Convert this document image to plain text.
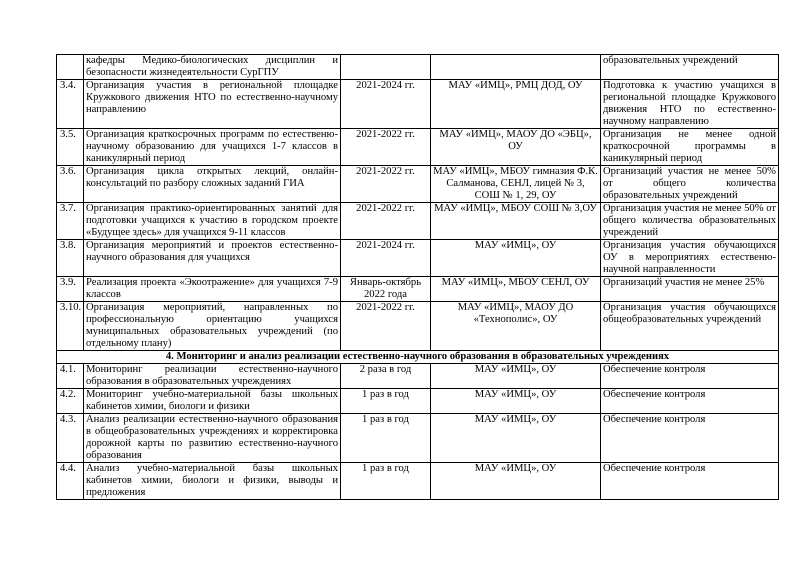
	кафедры Медико-биологических дисциплин и безопасности жизнедеятельности СурГПУ			образовательных учреждений
3.4.	Организация участия в региональной площадке Кружкового движения НТО по естественно-научному направлению	2021-2024 гг.	МАУ «ИМЦ», РМЦ ДОД, ОУ	Подготовка к участию учащихся в региональной площадке Кружкового движения НТО по естественно-научному направлению
3.5.	Организация краткосрочных программ по естественю-научному образованию для учащихся 1-7 классов в каникулярный период	2021-2022 гг.	МАУ «ИМЦ», МАОУ ДО «ЭБЦ», ОУ	Организация не менее одной краткосрочной программы в каникулярный период
3.6.	Организация цикла открытых лекций, онлайн-консультаций по разбору сложных заданий ГИА	2021-2022 гг.	МАУ «ИМЦ», МБОУ гимназия Ф.К. Салманова, СЕНЛ, лицей № 3, СОШ № 1, 29, ОУ	Организаций участия не менее 50% от общего количества образовательных учреждений
3.7.	Организация практико-ориентированных занятий для подготовки учащихся к участию в городском проекте «Будущее здесь» для учащихся 9-11 классов	2021-2022 гг.	МАУ «ИМЦ», МБОУ СОШ № 3,ОУ	Организация участия не менее 50% от общего количества образовательных учреждений
3.8.	Организация мероприятий и проектов естественно-научного образования для учащихся	2021-2024 гг.	МАУ «ИМЦ», ОУ	Организация участия обучающихся ОУ в мероприятиях естественю-научной направленности
3.9.	Реализация проекта «Экоотражение» для учащихся 7-9 классов	Январь-октябрь 2022 года	МАУ «ИМЦ», МБОУ СЕНЛ, ОУ	Организаций участия не менее 25%
3.10.	Организация мероприятий, направленных по профессиональную ориентацию учащихся муниципальных образовательных учреждений (по отдельному плану)	2021-2022 гг.	МАУ «ИМЦ», МАОУ ДО «Технополис», ОУ	Организация участия обучающихся общеобразовательных учреждений
4. Мониторинг и анализ реализации естественно-научного образования в образовательных учреждениях				
4.1.	Мониторинг реализации естественно-научного образования в образовательных учреждениях	2 раза в год	МАУ «ИМЦ», ОУ	Обеспечение контроля
4.2.	Мониторинг учебно-материальной базы школьных кабинетов химии, биологи и физики	1 раз в год	МАУ «ИМЦ», ОУ	Обеспечение контроля
4.3.	Анализ реализации естественно-научного образования в общеобразовательных учреждениях и корректировка дорожной карты по развитию естественно-научного образования	1 раз в год	МАУ «ИМЦ», ОУ	Обеспечение контроля
4.4.	Анализ учебно-материальной базы школьных кабинетов химии, биологи и физики, выводы и предложения	1 раз в год	МАУ «ИМЦ», ОУ	Обеспечение контроля
